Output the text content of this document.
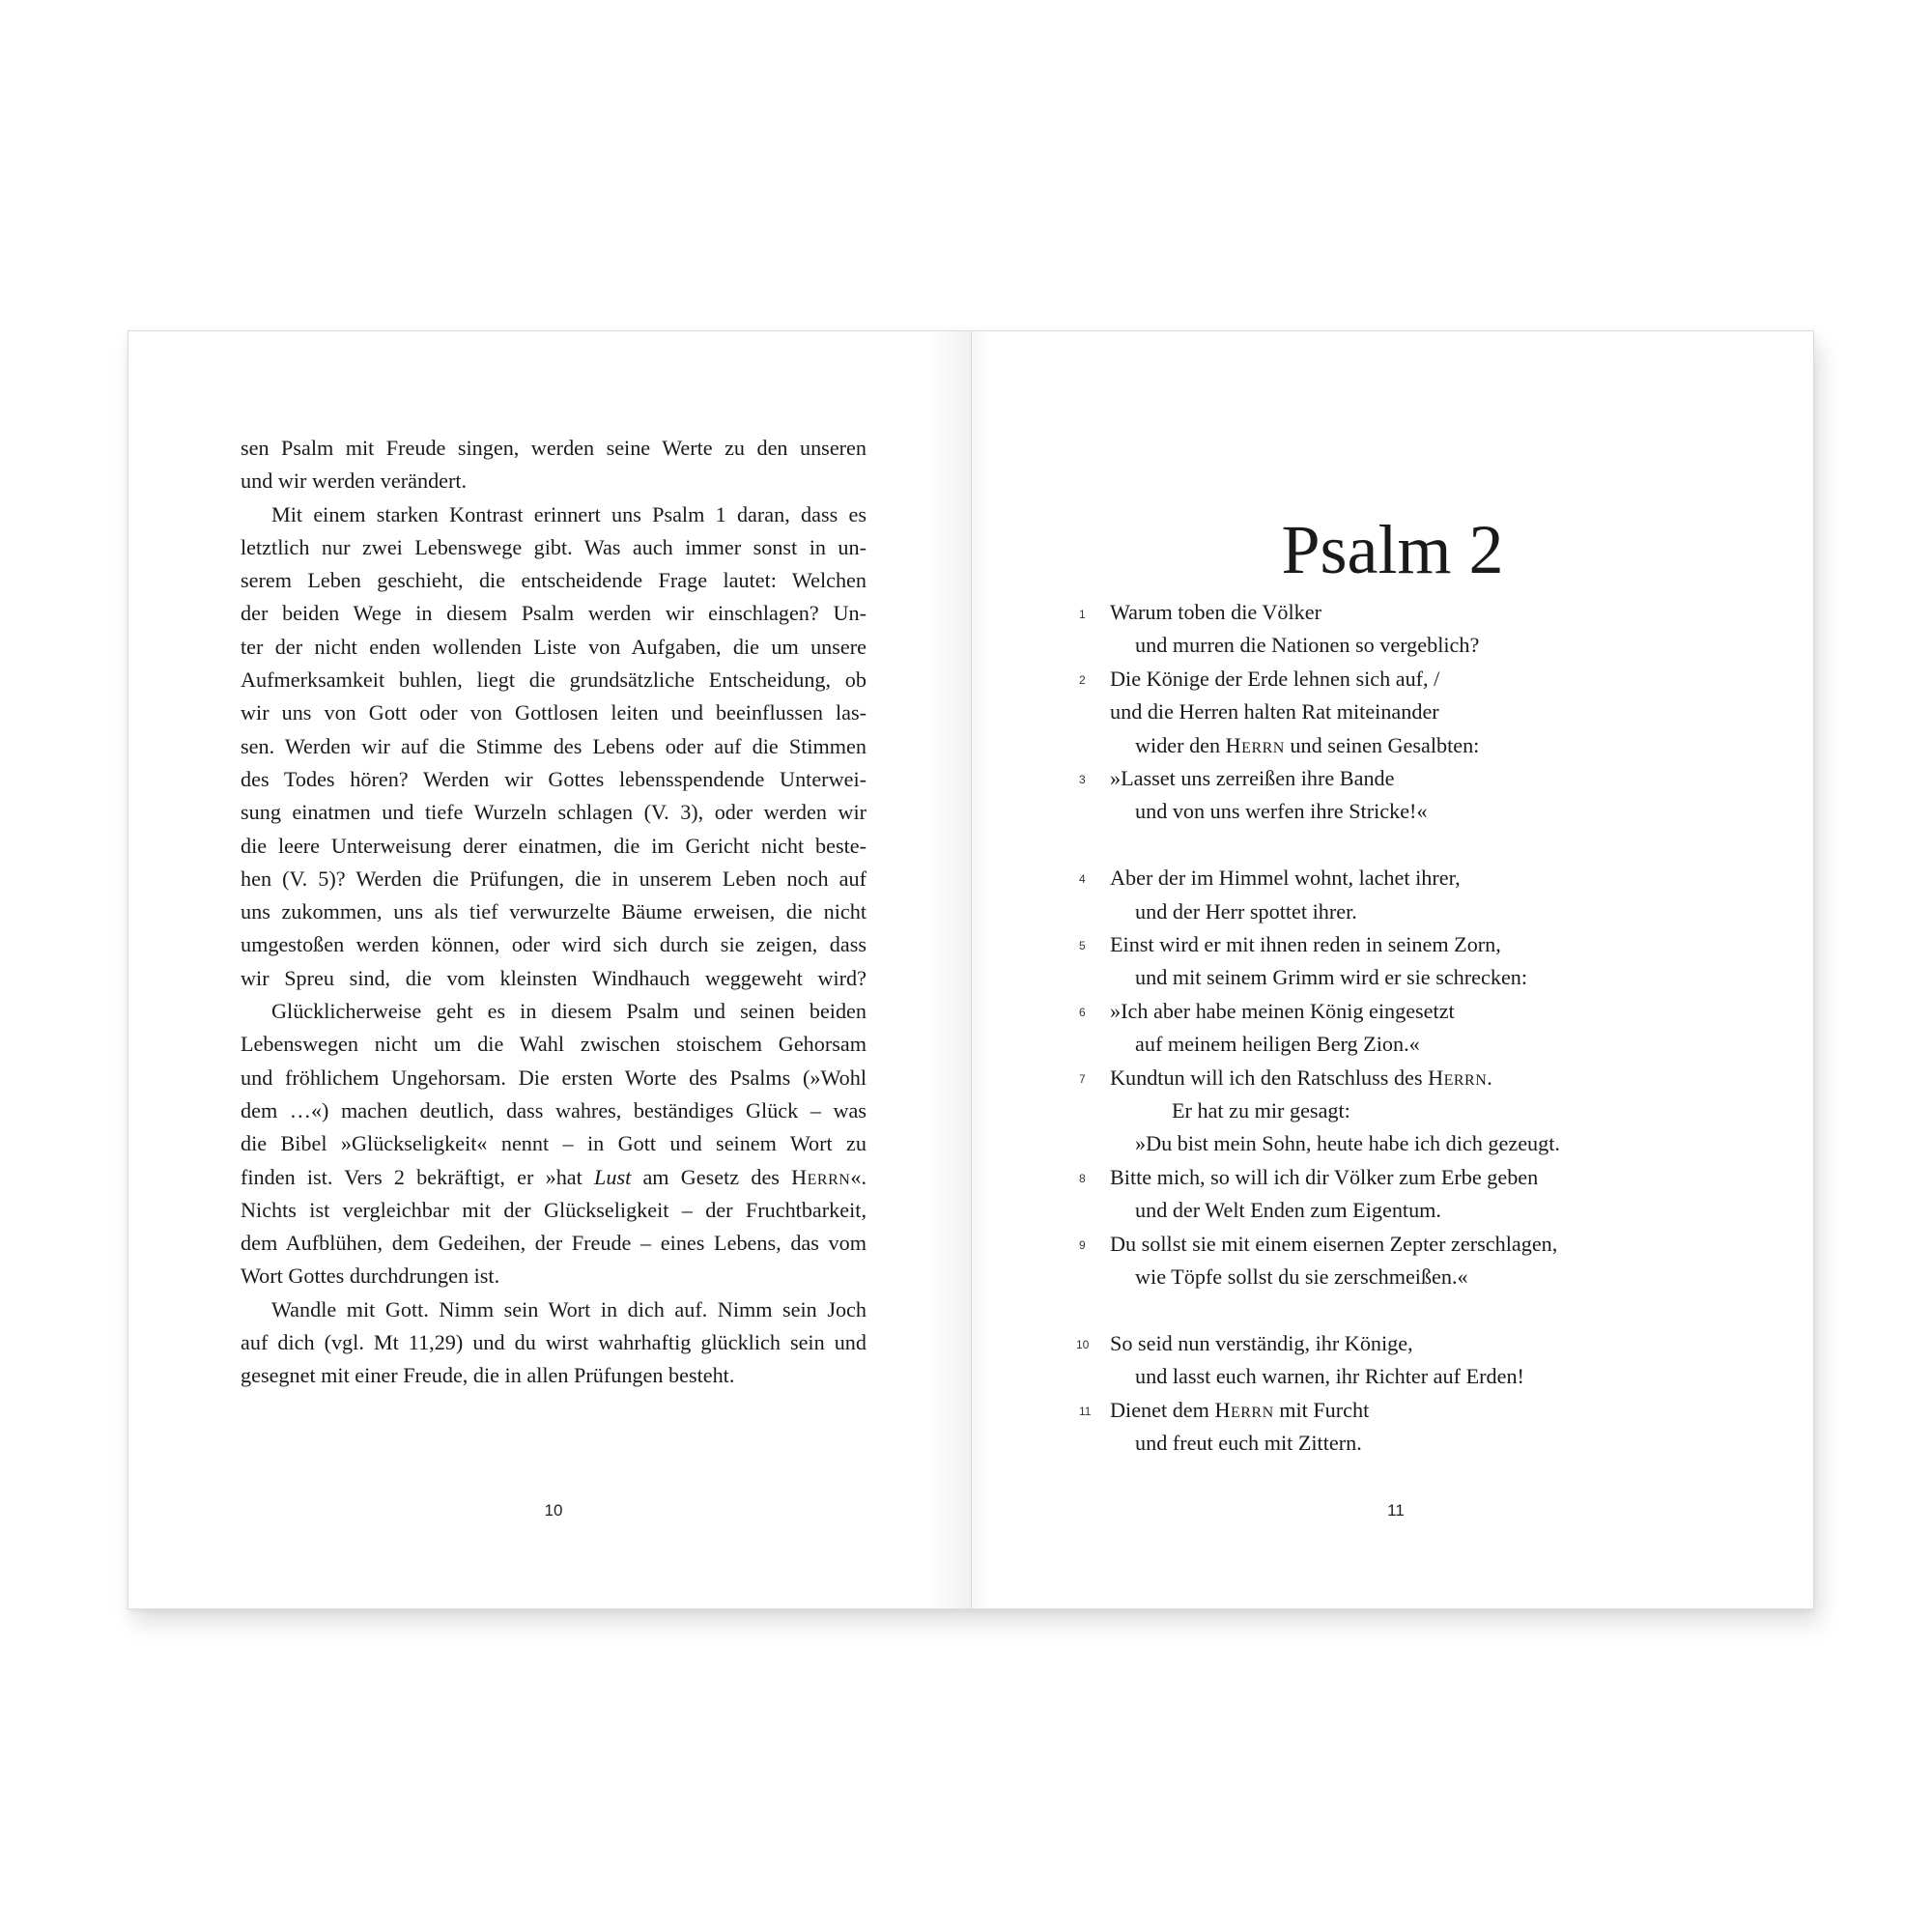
sen Psalm mit Freude singen, werden seine Werte zu den unseren
und wir werden verändert.
Mit einem starken Kontrast erinnert uns Psalm 1 daran, dass es
letztlich nur zwei Lebenswege gibt. Was auch immer sonst in un-
serem Leben geschieht, die entscheidende Frage lautet: Welchen
der beiden Wege in diesem Psalm werden wir einschlagen? Un-
ter der nicht enden wollenden Liste von Aufgaben, die um unsere
Aufmerksamkeit buhlen, liegt die grundsätzliche Entscheidung, ob
wir uns von Gott oder von Gottlosen leiten und beeinflussen las-
sen. Werden wir auf die Stimme des Lebens oder auf die Stimmen
des Todes hören? Werden wir Gottes lebensspendende Unterwei-
sung einatmen und tiefe Wurzeln schlagen (V. 3), oder werden wir
die leere Unterweisung derer einatmen, die im Gericht nicht beste-
hen (V. 5)? Werden die Prüfungen, die in unserem Leben noch auf
uns zukommen, uns als tief verwurzelte Bäume erweisen, die nicht
umgestoßen werden können, oder wird sich durch sie zeigen, dass
wir Spreu sind, die vom kleinsten Windhauch weggeweht wird?
Glücklicherweise geht es in diesem Psalm und seinen beiden
Lebenswegen nicht um die Wahl zwischen stoischem Gehorsam
und fröhlichem Ungehorsam. Die ersten Worte des Psalms (»Wohl
dem …«) machen deutlich, dass wahres, beständiges Glück – was
die Bibel »Glückseligkeit« nennt – in Gott und seinem Wort zu
finden ist. Vers 2 bekräftigt, er »hat Lust am Gesetz des Herrn«.
Nichts ist vergleichbar mit der Glückseligkeit – der Fruchtbarkeit,
dem Aufblühen, dem Gedeihen, der Freude – eines Lebens, das vom
Wort Gottes durchdrungen ist.
Wandle mit Gott. Nimm sein Wort in dich auf. Nimm sein Joch
auf dich (vgl. Mt 11,29) und du wirst wahrhaftig glücklich sein und
gesegnet mit einer Freude, die in allen Prüfungen besteht.
10
Psalm 2
1
2
3
4
5
6
7
8
9
10
11
Warum toben die Völker
und murren die Nationen so vergeblich?
Die Könige der Erde lehnen sich auf, /
und die Herren halten Rat miteinander
wider den Herrn und seinen Gesalbten:
»Lasset uns zerreißen ihre Bande
und von uns werfen ihre Stricke!«
Aber der im Himmel wohnt, lachet ihrer,
und der Herr spottet ihrer.
Einst wird er mit ihnen reden in seinem Zorn,
und mit seinem Grimm wird er sie schrecken:
»Ich aber habe meinen König eingesetzt
auf meinem heiligen Berg Zion.«
Kundtun will ich den Ratschluss des Herrn.
Er hat zu mir gesagt:
»Du bist mein Sohn, heute habe ich dich gezeugt.
Bitte mich, so will ich dir Völker zum Erbe geben
und der Welt Enden zum Eigentum.
Du sollst sie mit einem eisernen Zepter zerschlagen,
wie Töpfe sollst du sie zerschmeißen.«
So seid nun verständig, ihr Könige,
und lasst euch warnen, ihr Richter auf Erden!
Dienet dem Herrn mit Furcht
und freut euch mit Zittern.
11
